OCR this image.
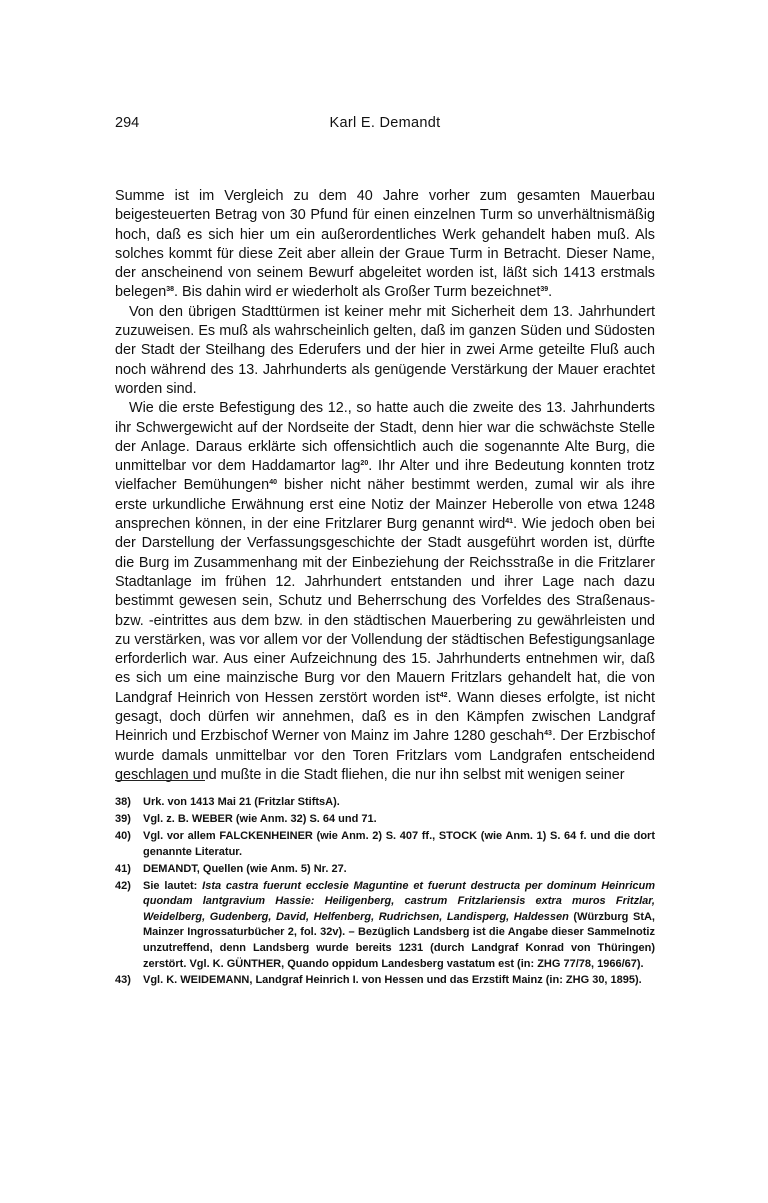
294	Karl E. Demandt

Summe ist im Vergleich zu dem 40 Jahre vorher zum gesamten Mauerbau beigesteuerten Betrag von 30 Pfund für einen einzelnen Turm so unverhältnismäßig hoch, daß es sich hier um ein außerordentliches Werk gehandelt haben muß. Als solches kommt für diese Zeit aber allein der Graue Turm in Betracht. Dieser Name, der anscheinend von seinem Bewurf abgeleitet worden ist, läßt sich 1413 erstmals belegen$^{38}$. Bis dahin wird er wiederholt als Großer Turm bezeichnet$^{39}$.

Von den übrigen Stadttürmen ist keiner mehr mit Sicherheit dem 13. Jahrhundert zuzuweisen. Es muß als wahrscheinlich gelten, daß im ganzen Süden und Südosten der Stadt der Steilhang des Ederufers und der hier in zwei Arme geteilte Fluß auch noch während des 13. Jahrhunderts als genügende Verstärkung der Mauer erachtet worden sind.

Wie die erste Befestigung des 12., so hatte auch die zweite des 13. Jahrhunderts ihr Schwergewicht auf der Nordseite der Stadt, denn hier war die schwächste Stelle der Anlage. Daraus erklärte sich offensichtlich auch die sogenannte Alte Burg, die unmittelbar vor dem Haddamartor lag$^{20}$. Ihr Alter und ihre Bedeutung konnten trotz vielfacher Bemühungen$^{40}$ bisher nicht näher bestimmt werden, zumal wir als ihre erste urkundliche Erwähnung erst eine Notiz der Mainzer Heberolle von etwa 1248 ansprechen können, in der eine Fritzlarer Burg genannt wird$^{41}$. Wie jedoch oben bei der Darstellung der Verfassungsgeschichte der Stadt ausgeführt worden ist, dürfte die Burg im Zusammenhang mit der Einbeziehung der Reichsstraße in die Fritzlarer Stadtanlage im frühen 12. Jahrhundert entstanden und ihrer Lage nach dazu bestimmt gewesen sein, Schutz und Beherrschung des Vorfeldes des Straßenaus- bzw. -eintrittes aus dem bzw. in den städtischen Mauerbering zu gewährleisten und zu verstärken, was vor allem vor der Vollendung der städtischen Befestigungsanlage erforderlich war. Aus einer Aufzeichnung des 15. Jahrhunderts entnehmen wir, daß es sich um eine mainzische Burg vor den Mauern Fritzlars gehandelt hat, die von Landgraf Heinrich von Hessen zerstört worden ist$^{42}$. Wann dieses erfolgte, ist nicht gesagt, doch dürfen wir annehmen, daß es in den Kämpfen zwischen Landgraf Heinrich und Erzbischof Werner von Mainz im Jahre 1280 geschah$^{43}$. Der Erzbischof wurde damals unmittelbar vor den Toren Fritzlars vom Landgrafen entscheidend geschlagen und mußte in die Stadt fliehen, die nur ihn selbst mit wenigen seiner

38)	Urk. von 1413 Mai 21 (Fritzlar StiftsA).
39)	Vgl. z. B. WEBER (wie Anm. 32) S. 64 und 71.
40)	Vgl. vor allem FALCKENHEINER (wie Anm. 2) S. 407 ff., STOCK (wie Anm. 1) S. 64 f. und die dort genannte Literatur.
41)	DEMANDT, Quellen (wie Anm. 5) Nr. 27.
42)	Sie lautet: Ista castra fuerunt ecclesie Maguntine et fuerunt destructa per dominum Heinricum quondam lantgravium Hassie: Heiligenberg, castrum Fritzlariensis extra muros Fritzlar, Weidelberg, Gudenberg, David, Helfenberg, Rudrichsen, Landisperg, Haldessen (Würzburg StA, Mainzer Ingrossaturbücher 2, fol. 32v). – Bezüglich Landsberg ist die Angabe dieser Sammelnotiz unzutreffend, denn Landsberg wurde bereits 1231 (durch Landgraf Konrad von Thüringen) zerstört. Vgl. K. GÜNTHER, Quando oppidum Landesberg vastatum est (in: ZHG 77/78, 1966/67).
43)	Vgl. K. WEIDEMANN, Landgraf Heinrich I. von Hessen und das Erzstift Mainz (in: ZHG 30, 1895).
